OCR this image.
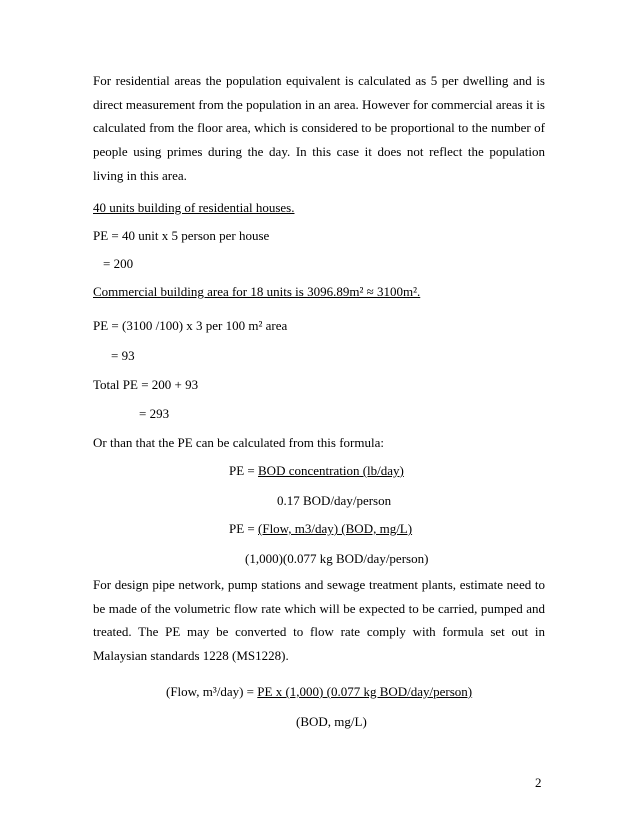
For residential areas the population equivalent is calculated as 5 per dwelling and is direct measurement from the population in an area. However for commercial areas it is calculated from the floor area, which is considered to be proportional to the number of people using primes during the day. In this case it does not reflect the population living in this area.

40 units building of residential houses.
PE = 40 unit x 5 person per house
= 200
Commercial building area for 18 units is 3096.89m² ≈ 3100m².
PE = (3100 /100) x 3 per 100 m² area
= 93
Total PE = 200 + 93
= 293
Or than that the PE can be calculated from this formula:
PE = BOD concentration (lb/day)
0.17 BOD/day/person
PE = (Flow, m3/day) (BOD, mg/L)
(1,000)(0.077 kg BOD/day/person)

For design pipe network, pump stations and sewage treatment plants, estimate need to be made of the volumetric flow rate which will be expected to be carried, pumped and treated. The PE may be converted to flow rate comply with formula set out in Malaysian standards 1228 (MS1228).

(Flow, m³/day) = PE x (1,000) (0.077 kg BOD/day/person)
(BOD, mg/L)
2
